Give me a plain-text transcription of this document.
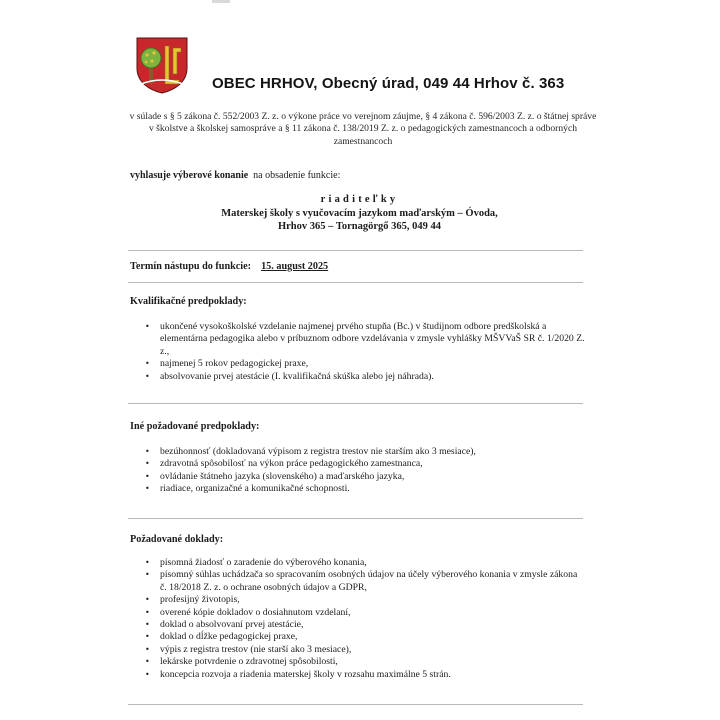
OBEC HRHOV, Obecný úrad, 049 44 Hrhov č. 363
v súlade s § 5 zákona č. 552/2003 Z. z. o výkone práce vo verejnom záujme, § 4 zákona č. 596/2003 Z. z. o štátnej správe v školstve a školskej samospráve a § 11 zákona č. 138/2019 Z. z. o pedagogických zamestnancoch a odborných zamestnancoch
vyhlasuje výberové konanie na obsadenie funkcie:
riaditeľky
Materskej školy s vyučovacím jazykom maďarským – Óvoda,
Hrhov 365 – Tornagörgő 365, 049 44
Termín nástupu do funkcie: 15. august 2025
Kvalifikačné predpoklady:
• ukončené vysokoškolské vzdelanie najmenej prvého stupňa (Bc.) v študijnom odbore predškolská a elementárna pedagogika alebo v príbuznom odbore vzdelávania v zmysle vyhlášky MŠVVaŠ SR č. 1/2020 Z. z.,
• najmenej 5 rokov pedagogickej praxe,
• absolvovanie prvej atestácie (I. kvalifikačná skúška alebo jej náhrada).
Iné požadované predpoklady:
• bezúhonnosť (dokladovaná výpisom z registra trestov nie starším ako 3 mesiace),
• zdravotná spôsobilosť na výkon práce pedagogického zamestnanca,
• ovládanie štátneho jazyka (slovenského) a maďarského jazyka,
• riadiace, organizačné a komunikačné schopnosti.
Požadované doklady:
• písomná žiadosť o zaradenie do výberového konania,
• písomný súhlas uchádzača so spracovaním osobných údajov na účely výberového konania v zmysle zákona č. 18/2018 Z. z. o ochrane osobných údajov a GDPR,
• profesijný životopis,
• overené kópie dokladov o dosiahnutom vzdelaní,
• doklad o absolvovaní prvej atestácie,
• doklad o dĺžke pedagogickej praxe,
• výpis z registra trestov (nie starší ako 3 mesiace),
• lekárske potvrdenie o zdravotnej spôsobilosti,
• koncepcia rozvoja a riadenia materskej školy v rozsahu maximálne 5 strán.
